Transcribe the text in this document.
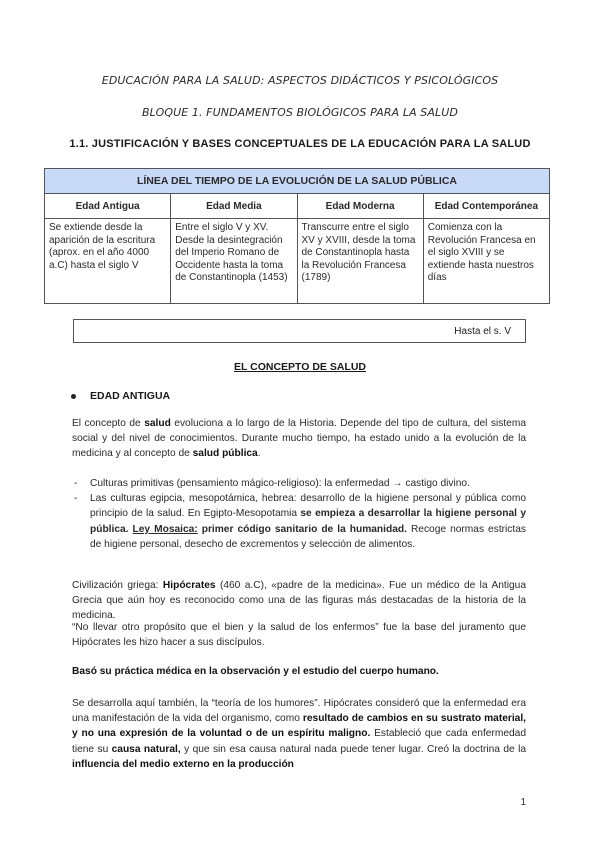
EDUCACIÓN PARA LA SALUD: ASPECTOS DIDÁCTICOS Y PSICOLÓGICOS
BLOQUE 1. FUNDAMENTOS BIOLÓGICOS PARA LA SALUD
1.1. JUSTIFICACIÓN Y BASES CONCEPTUALES DE LA EDUCACIÓN PARA LA SALUD
LÍNEA DEL TIEMPO DE LA EVOLUCIÓN DE LA SALUD PÚBLICA			
Edad Antigua	Edad Media	Edad Moderna	Edad Contemporánea
Se extiende desde la aparición de la escritura (aprox. en el año 4000 a.C) hasta el siglo V	Entre el siglo V y XV. Desde la desintegración del Imperio Romano de Occidente hasta la toma de Constantinopla (1453)	Transcurre entre el siglo XV y XVIII, desde la toma de Constantinopla hasta la Revolución Francesa (1789)	Comienza con la Revolución Francesa en el siglo XVIII y se extiende hasta nuestros días
Hasta el s. V
EL CONCEPTO DE SALUD
EDAD ANTIGUA
El concepto de salud evoluciona a lo largo de la Historia. Depende del tipo de cultura, del sistema social y del nivel de conocimientos. Durante mucho tiempo, ha estado unido a la evolución de la medicina y al concepto de salud pública.
- Culturas primitivas (pensamiento mágico-religioso): la enfermedad → castigo divino.
- Las culturas egipcia, mesopotámica, hebrea: desarrollo de la higiene personal y pública como principio de la salud. En Egipto-Mesopotamia se empieza a desarrollar la higiene personal y pública. Ley Mosaica: primer código sanitario de la humanidad. Recoge normas estrictas de higiene personal, desecho de excrementos y selección de alimentos.
Civilización griega: Hipócrates (460 a.C), «padre de la medicina». Fue un médico de la Antigua Grecia que aún hoy es reconocido como una de las figuras más destacadas de la historia de la medicina.
“No llevar otro propósito que el bien y la salud de los enfermos” fue la base del juramento que Hipócrates les hizo hacer a sus discípulos.
Basó su práctica médica en la observación y el estudio del cuerpo humano.
Se desarrolla aquí también, la “teoría de los humores”. Hipócrates consideró que la enfermedad era una manifestación de la vida del organismo, como resultado de cambios en su sustrato material, y no una expresión de la voluntad o de un espíritu maligno. Estableció que cada enfermedad tiene su causa natural, y que sin esa causa natural nada puede tener lugar. Creó la doctrina de la influencia del medio externo en la producción
1
